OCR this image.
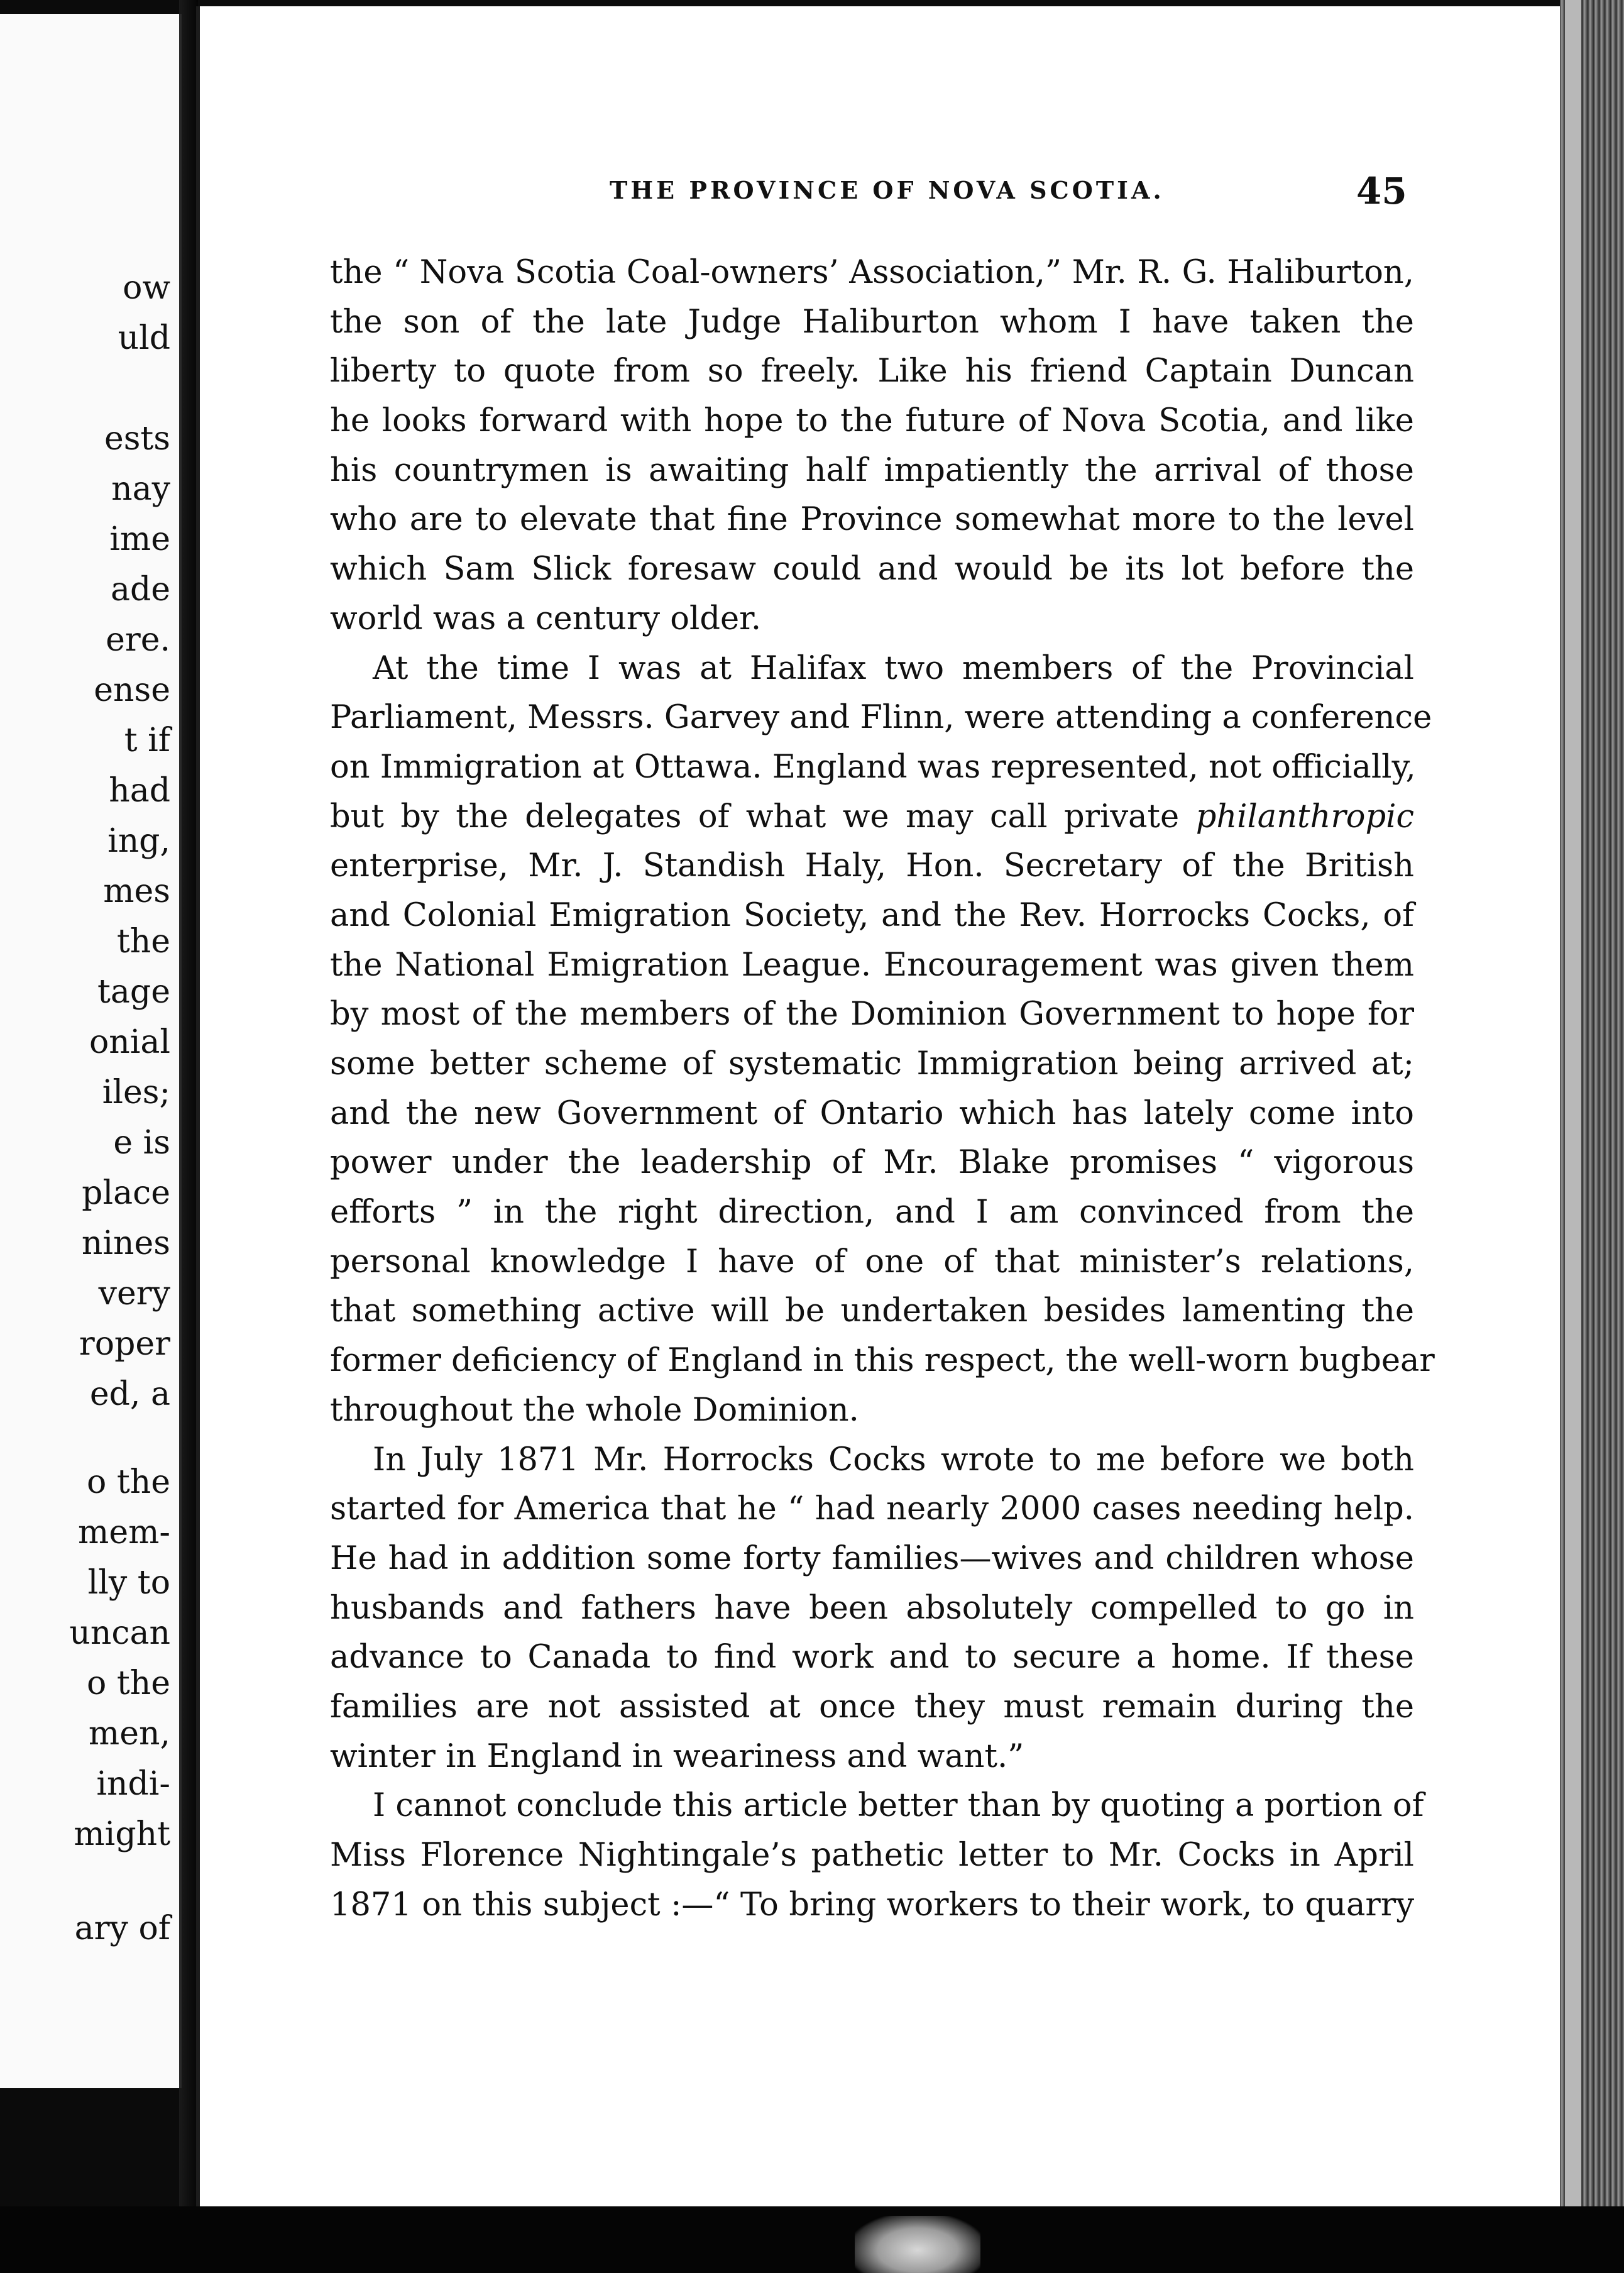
ow
uld
ests
nay
ime
ade
ere.
ense
t if
had
ing,
mes
the
tage
onial
iles;
e is
place
nines
very
roper
ed, a
o the
mem-
lly to
uncan
o the
men,
indi-
might
ary of
THE PROVINCE OF NOVA SCOTIA.	45
the “ Nova Scotia Coal-owners’ Association,” Mr. R. G. Haliburton,
the son of the late Judge Haliburton whom I have taken the
liberty to quote from so freely. Like his friend Captain Duncan
he looks forward with hope to the future of Nova Scotia, and like
his countrymen is awaiting half impatiently the arrival of those
who are to elevate that fine Province somewhat more to the level
which Sam Slick foresaw could and would be its lot before the
world was a century older.
At the time I was at Halifax two members of the Provincial
Parliament, Messrs. Garvey and Flinn, were attending a conference
on Immigration at Ottawa. England was represented, not officially,
but by the delegates of what we may call private philanthropic
enterprise, Mr. J. Standish Haly, Hon. Secretary of the British
and Colonial Emigration Society, and the Rev. Horrocks Cocks, of
the National Emigration League. Encouragement was given them
by most of the members of the Dominion Government to hope for
some better scheme of systematic Immigration being arrived at;
and the new Government of Ontario which has lately come into
power under the leadership of Mr. Blake promises “ vigorous
efforts ” in the right direction, and I am convinced from the
personal knowledge I have of one of that minister’s relations,
that something active will be undertaken besides lamenting the
former deficiency of England in this respect, the well-worn bugbear
throughout the whole Dominion.
In July 1871 Mr. Horrocks Cocks wrote to me before we both
started for America that he “ had nearly 2000 cases needing help.
He had in addition some forty families—wives and children whose
husbands and fathers have been absolutely compelled to go in
advance to Canada to find work and to secure a home. If these
families are not assisted at once they must remain during the
winter in England in weariness and want.”
I cannot conclude this article better than by quoting a portion of
Miss Florence Nightingale’s pathetic letter to Mr. Cocks in April
1871 on this subject :—“ To bring workers to their work, to quarry
